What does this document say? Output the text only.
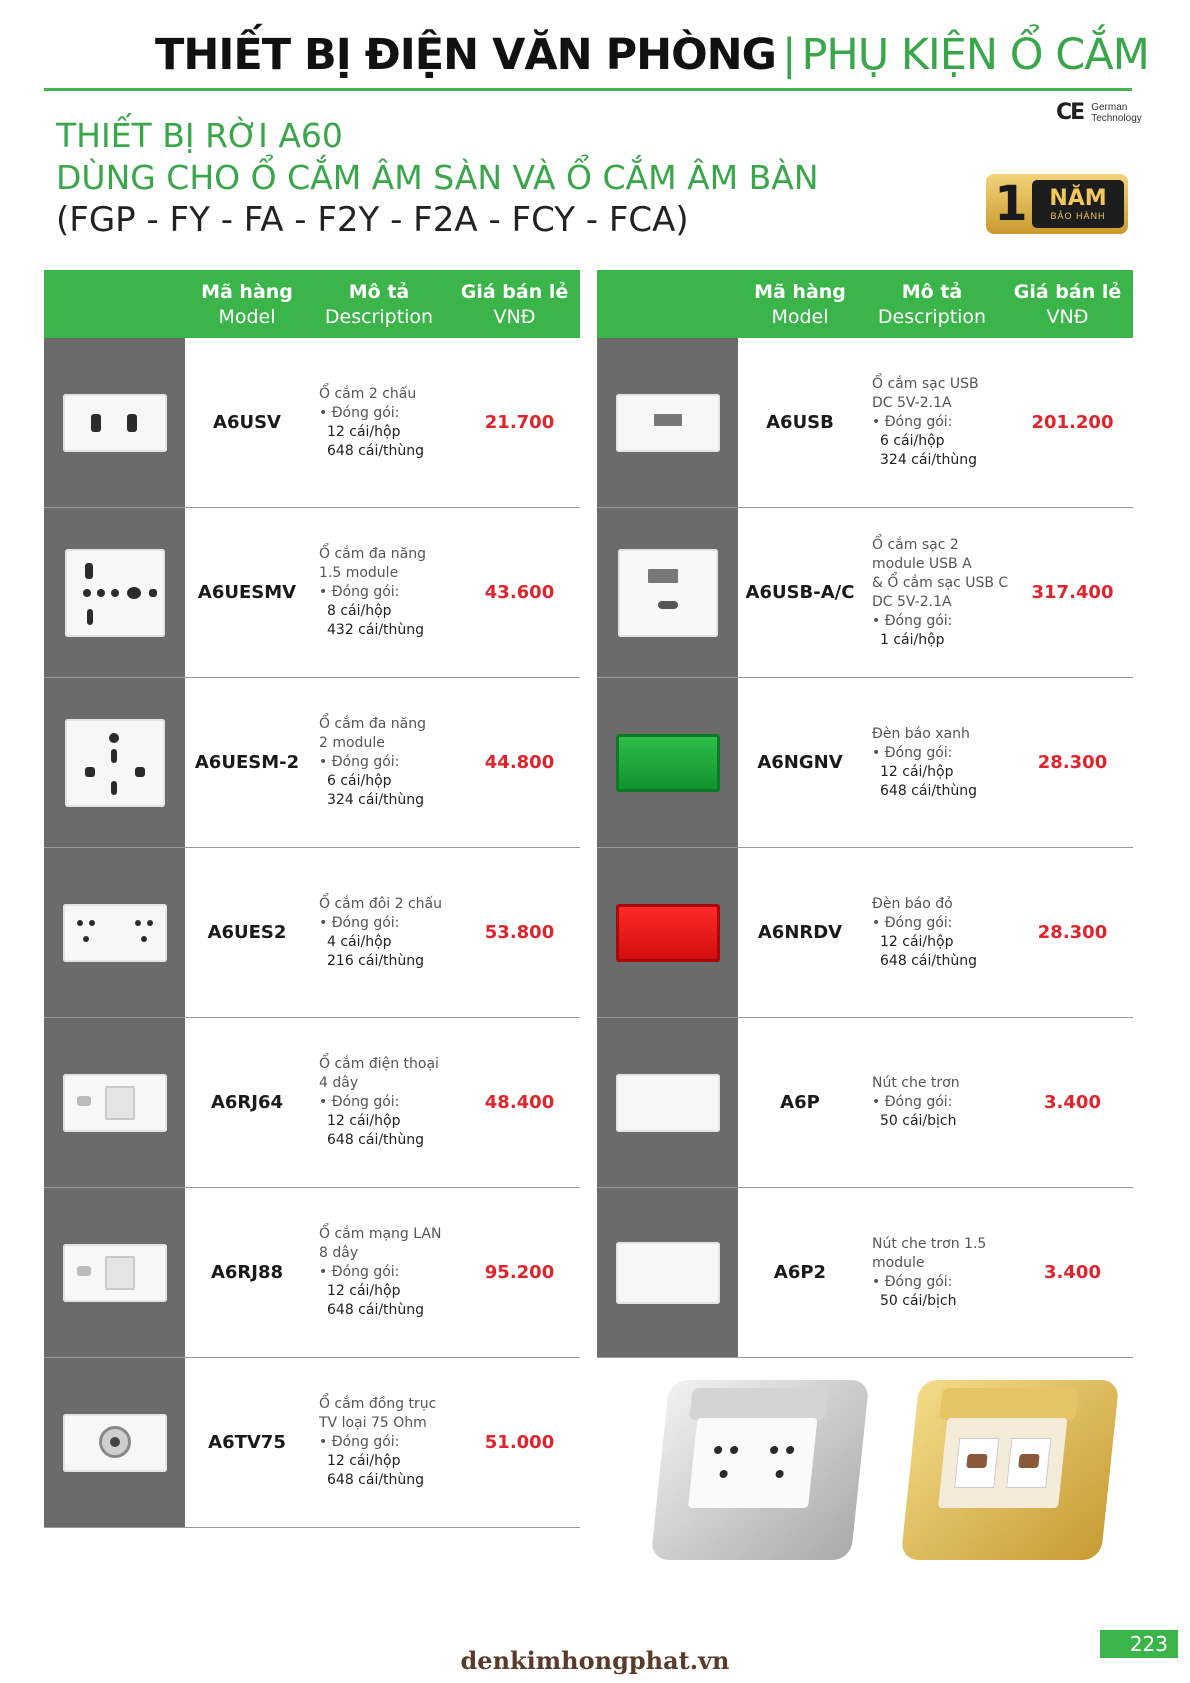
THIẾT BỊ ĐIỆN VĂN PHÒNG | PHỤ KIỆN Ổ CẮM
THIẾT BỊ RỜI A60
DÙNG CHO Ổ CẮM ÂM SÀN VÀ Ổ CẮM ÂM BÀN
(FGP - FY - FA - F2Y - F2A - FCY - FCA)
CE German Technology
1 NĂM
BẢO HÀNH
Mã hàng
Model
Mô tả
Description
Giá bán lẻ
VNĐ
A6USV
Ổ cắm 2 chấu
• Đóng gói:
12 cái/hộp
648 cái/thùng
21.700
A6UESMV
Ổ cắm đa năng
1.5 module
• Đóng gói:
8 cái/hộp
432 cái/thùng
43.600
A6UESM-2
Ổ cắm đa năng
2 module
• Đóng gói:
6 cái/hộp
324 cái/thùng
44.800
A6UES2
Ổ cắm đôi 2 chấu
• Đóng gói:
4 cái/hộp
216 cái/thùng
53.800
A6RJ64
Ổ cắm điện thoại
4 dây
• Đóng gói:
12 cái/hộp
648 cái/thùng
48.400
A6RJ88
Ổ cắm mạng LAN
8 dây
• Đóng gói:
12 cái/hộp
648 cái/thùng
95.200
A6TV75
Ổ cắm đồng trục
TV loại 75 Ohm
• Đóng gói:
12 cái/hộp
648 cái/thùng
51.000
Mã hàng
Model
Mô tả
Description
Giá bán lẻ
VNĐ
A6USB
Ổ cắm sạc USB
DC 5V-2.1A
• Đóng gói:
6 cái/hộp
324 cái/thùng
201.200
A6USB-A/C
Ổ cắm sạc 2
module USB A
& Ổ cắm sạc USB C
DC 5V-2.1A
• Đóng gói:
1 cái/hộp
317.400
A6NGNV
Đèn báo xanh
• Đóng gói:
12 cái/hộp
648 cái/thùng
28.300
A6NRDV
Đèn báo đỏ
• Đóng gói:
12 cái/hộp
648 cái/thùng
28.300
A6P
Nút che trơn
• Đóng gói:
50 cái/bịch
3.400
A6P2
Nút che trơn 1.5
module
• Đóng gói:
50 cái/bịch
3.400
223
denkimhongphat.vn
